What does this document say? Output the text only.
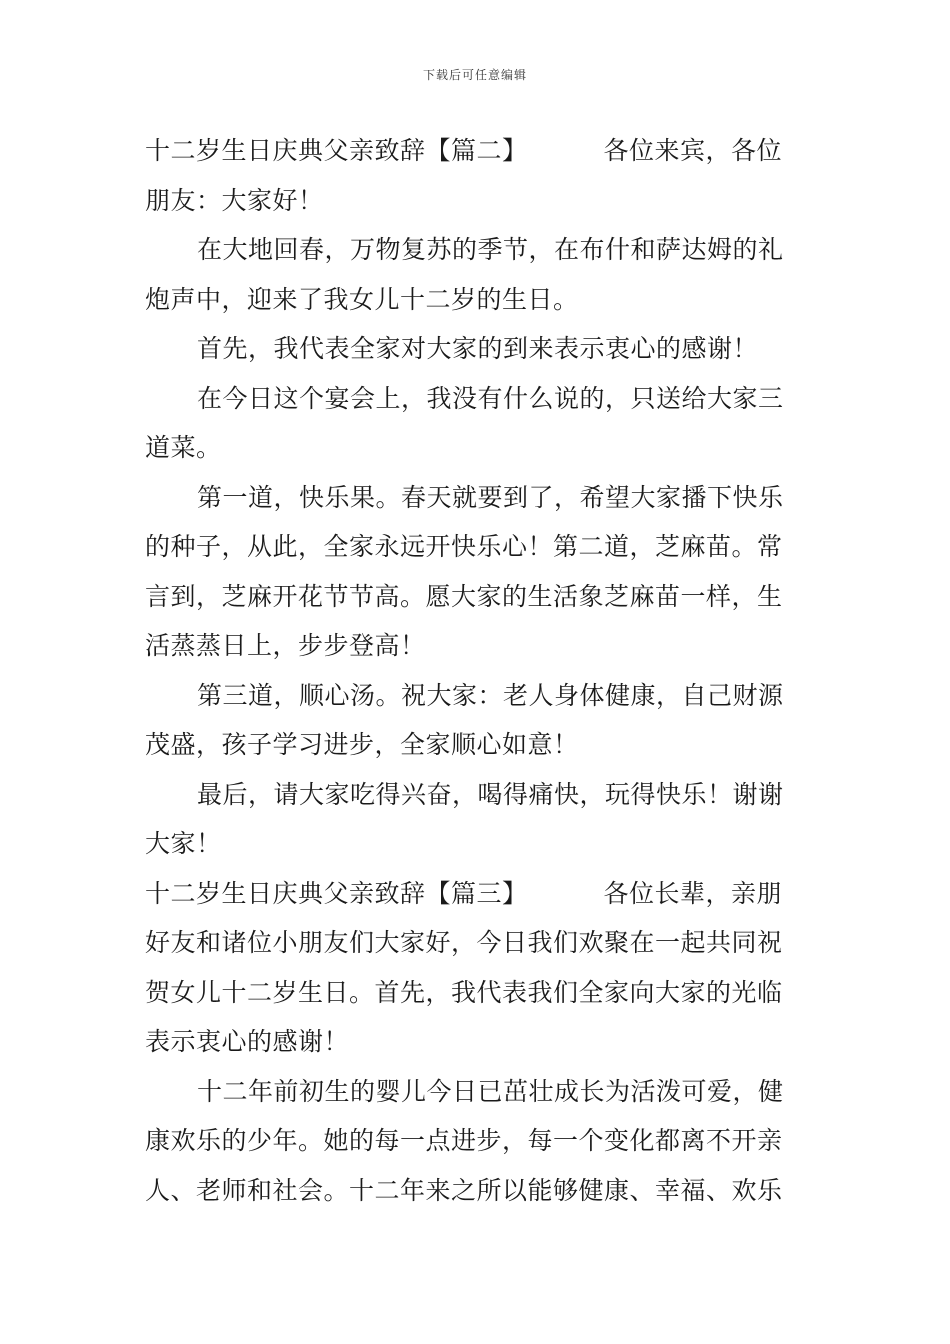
下载后可任意编辑

十二岁生日庆典父亲致辞【篇二】	各位来宾，各位朋友：大家好！

在大地回春，万物复苏的季节，在布什和萨达姆的礼炮声中，迎来了我女儿十二岁的生日。

首先，我代表全家对大家的到来表示衷心的感谢！

在今日这个宴会上，我没有什么说的，只送给大家三道菜。

第一道，快乐果。春天就要到了，希望大家播下快乐的种子，从此，全家永远开快乐心！第二道，芝麻苗。常言到，芝麻开花节节高。愿大家的生活象芝麻苗一样，生活蒸蒸日上，步步登高！

第三道，顺心汤。祝大家：老人身体健康，自己财源茂盛，孩子学习进步，全家顺心如意！

最后，请大家吃得兴奋，喝得痛快，玩得快乐！谢谢大家！

十二岁生日庆典父亲致辞【篇三】	各位长辈，亲朋好友和诸位小朋友们大家好，今日我们欢聚在一起共同祝贺女儿十二岁生日。首先，我代表我们全家向大家的光临表示衷心的感谢！

十二年前初生的婴儿今日已茁壮成长为活泼可爱，健康欢乐的少年。她的每一点进步，每一个变化都离不开亲人、老师和社会。十二年来之所以能够健康、幸福、欢乐
